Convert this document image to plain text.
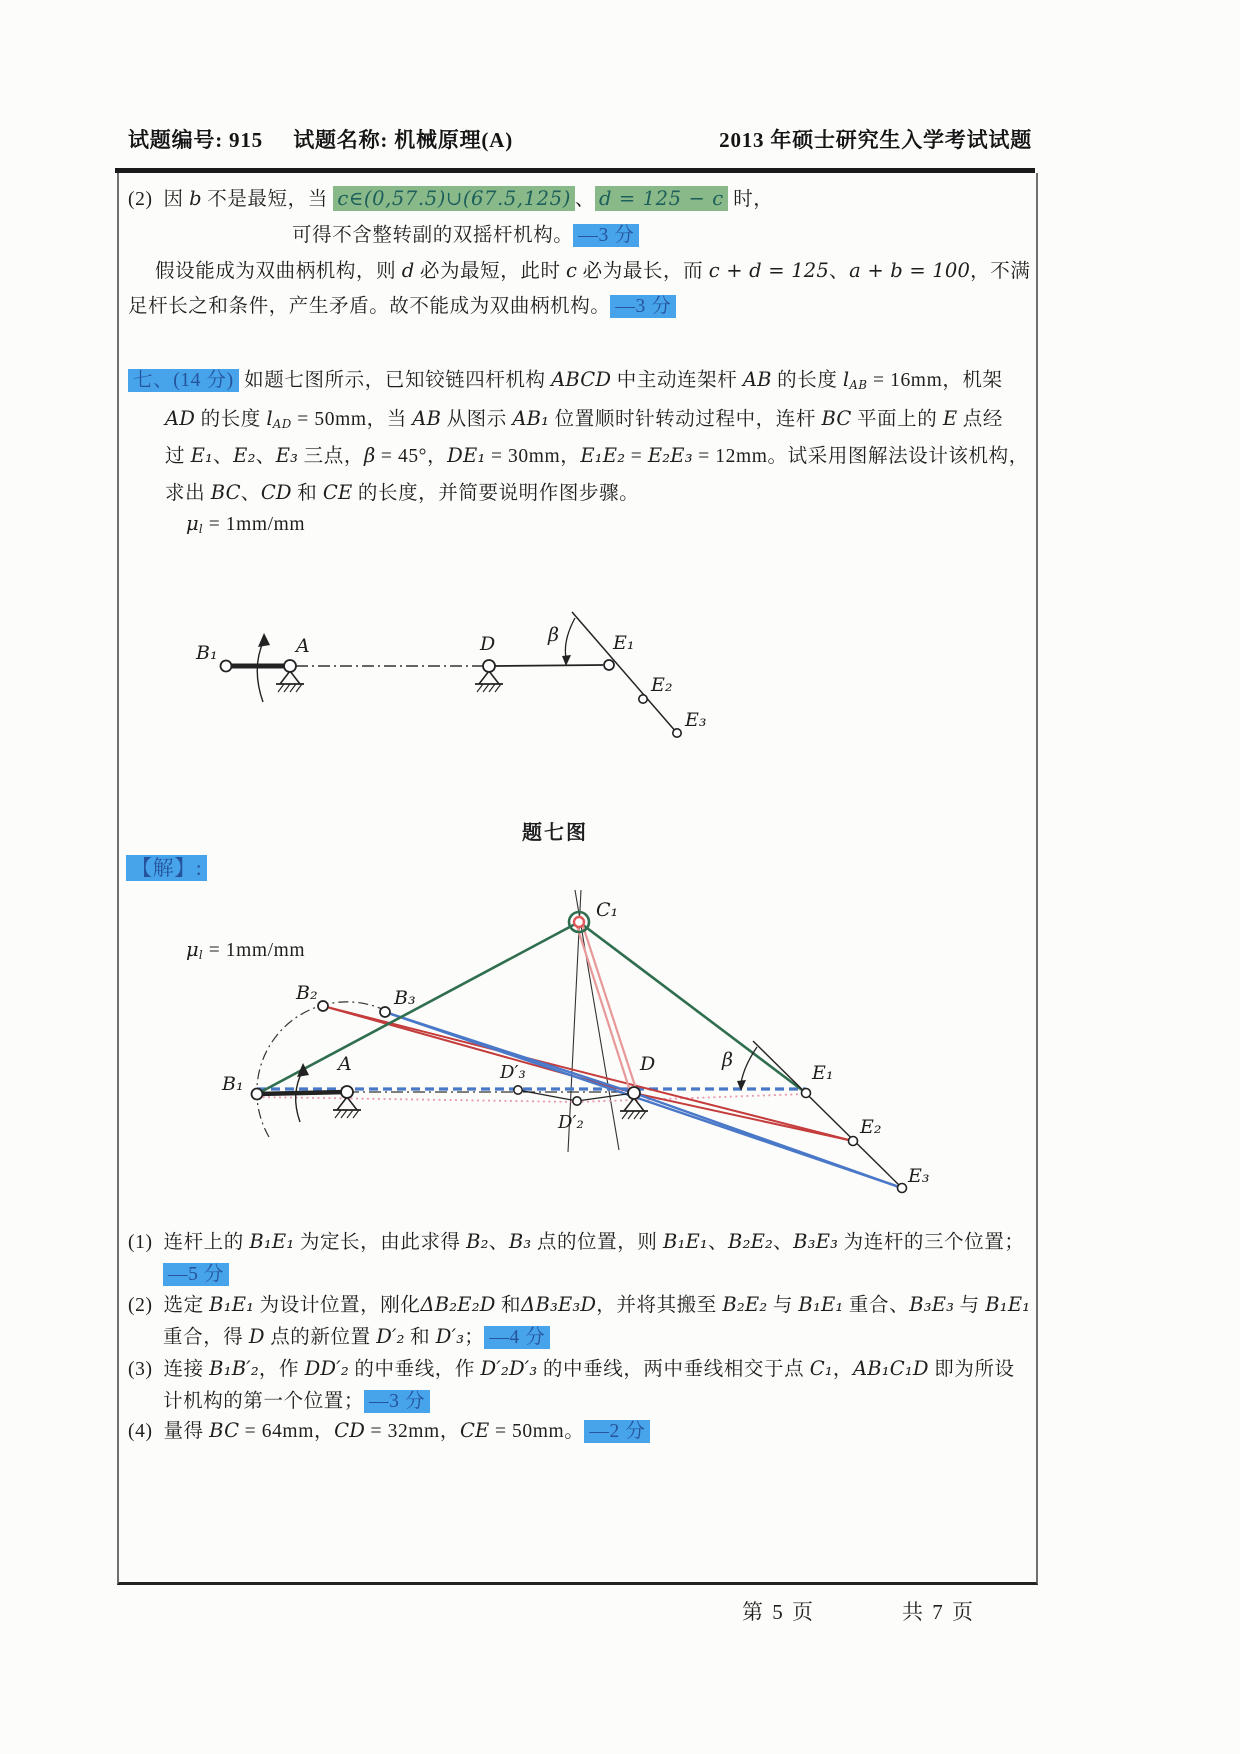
试题编号: 915     试题名称: 机械原理(A)	2013 年硕士研究生入学考试试题
(2)  因 b 不是最短，当 c∈(0,57.5)∪(67.5,125) 、 d = 125 − c 时，
可得不含整转副的双摇杆机构。 —3 分
假设能成为双曲柄机构，则 d 必为最短，此时 c 必为最长，而 c + d = 125、a + b = 100，不满
足杆长之和条件，产生矛盾。故不能成为双曲柄机构。 —3 分
七、(14 分) 如题七图所示，已知铰链四杆机构 ABCD 中主动连架杆 AB 的长度 lAB = 16mm，机架
AD 的长度 lAD = 50mm，当 AB 从图示 AB₁ 位置顺时针转动过程中，连杆 BC 平面上的 E 点经
过 E₁、E₂、E₃ 三点，β = 45°，DE₁ = 30mm，E₁E₂ = E₂E₃ = 12mm。试采用图解法设计该机构，
求出 BC、CD 和 CE 的长度，并简要说明作图步骤。
μl = 1mm/mm
B₁	A	D	E₁
E₂
E₃
β
题七图
【解】:
μl = 1mm/mm
C₁
B₂	B₃
B₁
A	D′₃	D
D′₂
E₁
E₂
E₃
β
(1)  连杆上的 B₁E₁ 为定长，由此求得 B₂、B₃ 点的位置，则 B₁E₁、B₂E₂、B₃E₃ 为连杆的三个位置；
—5 分
(2)  选定 B₁E₁ 为设计位置，刚化ΔB₂E₂D 和ΔB₃E₃D，并将其搬至 B₂E₂ 与 B₁E₁ 重合、B₃E₃ 与 B₁E₁
重合，得 D 点的新位置 D′₂ 和 D′₃； —4 分
(3)  连接 B₁B′₂，作 DD′₂ 的中垂线，作 D′₂D′₃ 的中垂线，两中垂线相交于点 C₁，AB₁C₁D 即为所设
计机构的第一个位置； —3 分
(4)  量得 BC = 64mm，CD = 32mm，CE = 50mm。 —2 分
第 5 页	共 7 页
